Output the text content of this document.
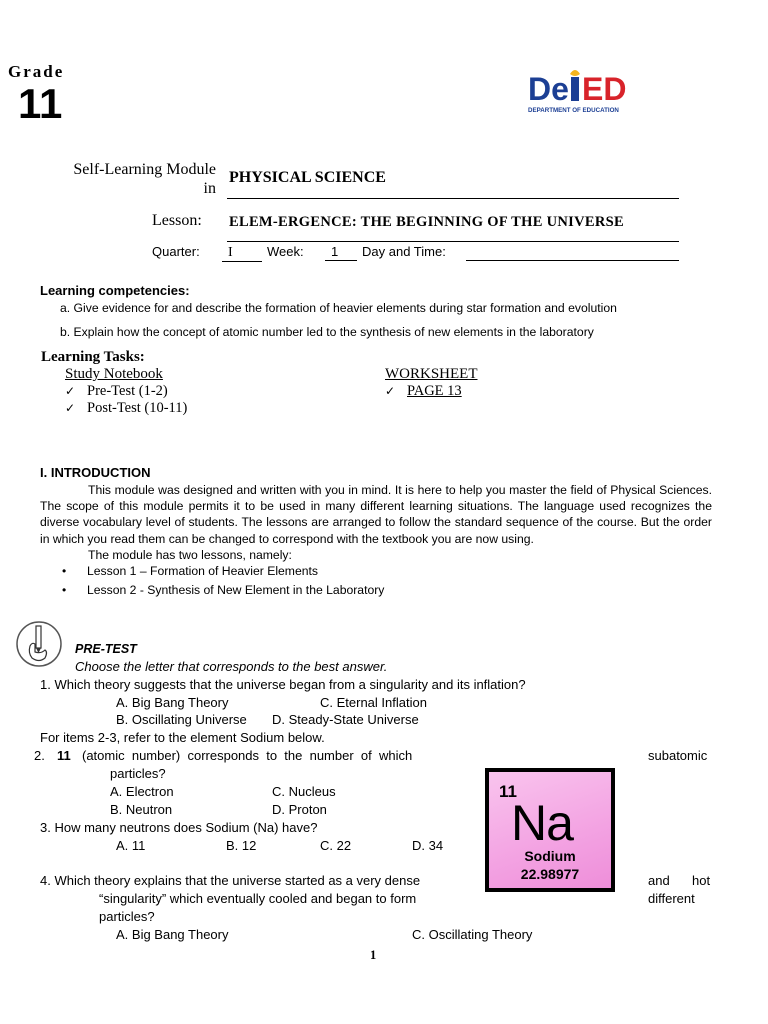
Grade
11	De ED
DEPARTMENT OF EDUCATION
Self-Learning Module
in
PHYSICAL SCIENCE
Lesson: ELEM-ERGENCE: THE BEGINNING OF THE UNIVERSE
Quarter:	I	Week:	1	Day and Time:
Learning competencies:
a. Give evidence for and describe the formation of heavier elements during star formation and evolution
b. Explain how the concept of atomic number led to the synthesis of new elements in the laboratory
Learning Tasks:
Study Notebook
✓ Pre-Test (1-2)
✓ Post-Test (10-11)
WORKSHEET
✓ PAGE 13
I. INTRODUCTION
This module was designed and written with you in mind. It is here to help you master the field of Physical Sciences. The scope of this module permits it to be used in many different learning situations. The language used recognizes the diverse vocabulary level of students. The lessons are arranged to follow the standard sequence of the course. But the order in which you read them can be changed to correspond with the textbook you are now using.
The module has two lessons, namely:
• Lesson 1 – Formation of Heavier Elements
• Lesson 2 - Synthesis of New Element in the Laboratory
PRE-TEST
Choose the letter that corresponds to the best answer.
1. Which theory suggests that the universe began from a singularity and its inflation?
A. Big Bang Theory	C. Eternal Inflation
B. Oscillating Universe D. Steady-State Universe
For items 2-3, refer to the element Sodium below.
2. 11 (atomic  number)  corresponds  to  the  number  of  which	subatomic
particles?
A. Electron	C. Nucleus
B. Neutron	D. Proton
3. How many neutrons does Sodium (Na) have?
A. 11	B. 12	C. 22	D. 34
4. Which theory explains that the universe started as a very dense	and hot
“singularity” which eventually cooled and began to form	different
particles?
A. Big Bang Theory	C. Oscillating Theory
11
Na
Sodium
22.98977
1
